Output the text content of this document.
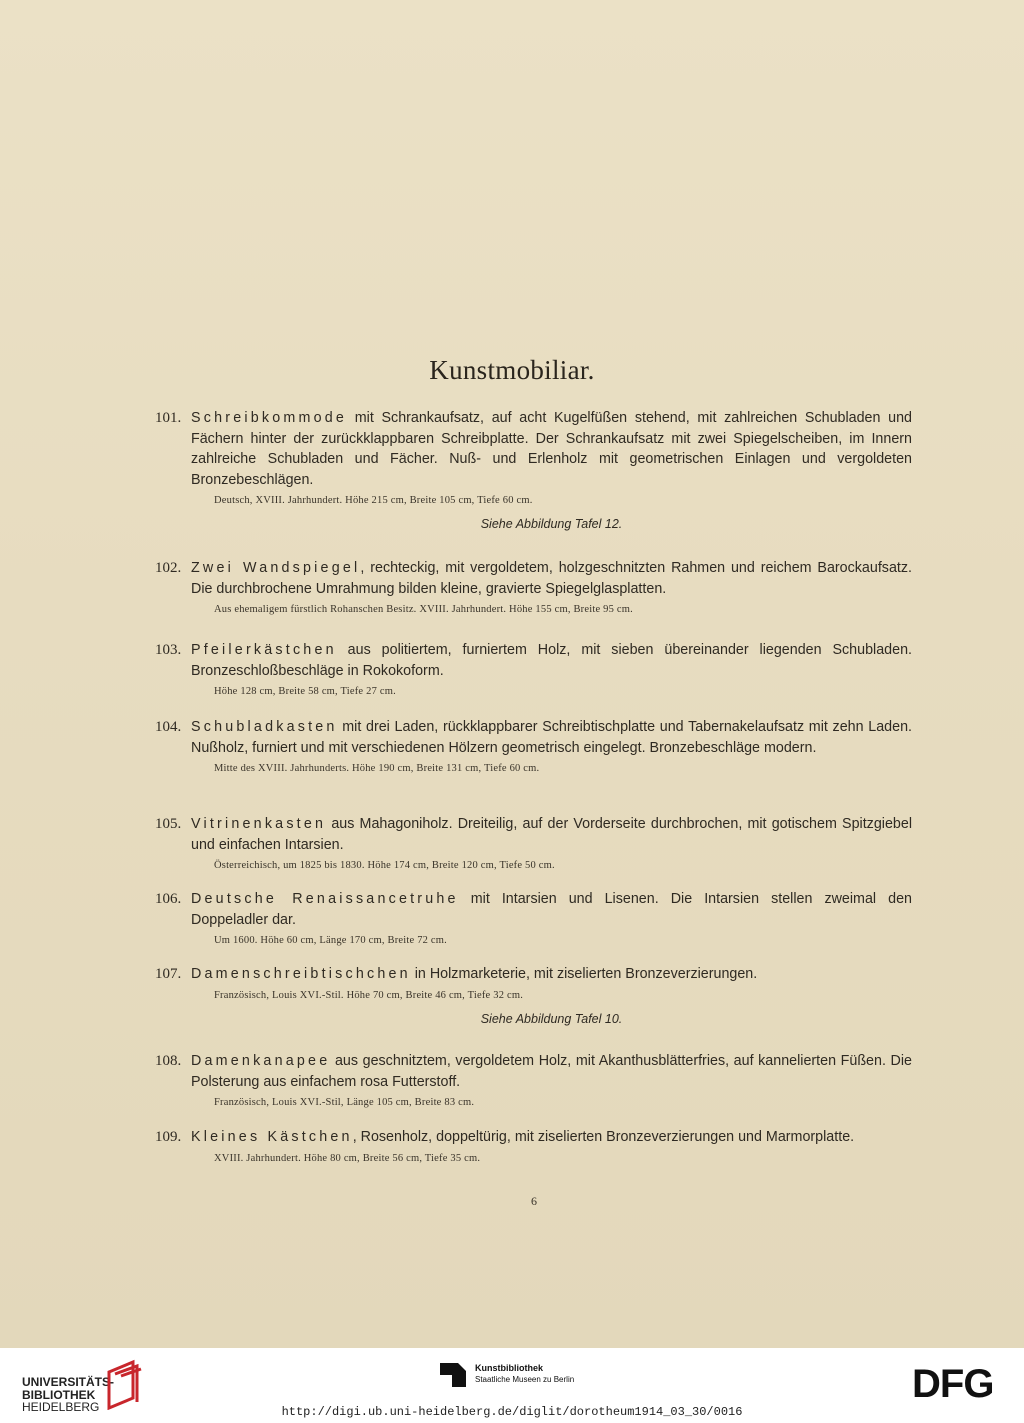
Kunstmobiliar.
101. Schreibkommode mit Schrankaufsatz, auf acht Kugelfüßen stehend, mit zahlreichen Schubladen und Fächern hinter der zurückklappbaren Schreibplatte. Der Schrankaufsatz mit zwei Spiegelscheiben, im Innern zahlreiche Schubladen und Fächer. Nuß- und Erlenholz mit geometrischen Einlagen und vergoldeten Bronzebeschlägen.
Deutsch, XVIII. Jahrhundert. Höhe 215 cm, Breite 105 cm, Tiefe 60 cm.
Siehe Abbildung Tafel 12.
102. Zwei Wandspiegel, rechteckig, mit vergoldetem, holzgeschnitzten Rahmen und reichem Barockaufsatz. Die durchbrochene Umrahmung bilden kleine, gravierte Spiegelglasplatten.
Aus ehemaligem fürstlich Rohanschen Besitz. XVIII. Jahrhundert. Höhe 155 cm, Breite 95 cm.
103. Pfeilerkästchen aus politiertem, furniertem Holz, mit sieben übereinander liegenden Schubladen. Bronzeschloßbeschläge in Rokokoform.
Höhe 128 cm, Breite 58 cm, Tiefe 27 cm.
104. Schubladkasten mit drei Laden, rückklappbarer Schreibtischplatte und Tabernakelaufsatz mit zehn Laden. Nußholz, furniert und mit verschiedenen Hölzern geometrisch eingelegt. Bronzebeschläge modern.
Mitte des XVIII. Jahrhunderts. Höhe 190 cm, Breite 131 cm, Tiefe 60 cm.
105. Vitrinenkasten aus Mahagoniholz. Dreiteilig, auf der Vorderseite durchbrochen, mit gotischem Spitzgiebel und einfachen Intarsien.
Österreichisch, um 1825 bis 1830. Höhe 174 cm, Breite 120 cm, Tiefe 50 cm.
106. Deutsche Renaissancetruhe mit Intarsien und Lisenen. Die Intarsien stellen zweimal den Doppeladler dar.
Um 1600. Höhe 60 cm, Länge 170 cm, Breite 72 cm.
107. Damenschreibtischchen in Holzmarketerie, mit ziselierten Bronzeverzierungen.
Französisch, Louis XVI.-Stil. Höhe 70 cm, Breite 46 cm, Tiefe 32 cm.
Siehe Abbildung Tafel 10.
108. Damenkanapee aus geschnitztem, vergoldetem Holz, mit Akanthusblätterfries, auf kannelierten Füßen. Die Polsterung aus einfachem rosa Futterstoff.
Französisch, Louis XVI.-Stil, Länge 105 cm, Breite 83 cm.
109. Kleines Kästchen, Rosenholz, doppeltürig, mit ziselierten Bronzeverzierungen und Marmorplatte.
XVIII. Jahrhundert. Höhe 80 cm, Breite 56 cm, Tiefe 35 cm.
6
UNIVERSITÄTS-
BIBLIOTHEK
HEIDELBERG
Kunstbibliothek
Staatliche Museen zu Berlin	DFG
http://digi.ub.uni-heidelberg.de/diglit/dorotheum1914_03_30/0016
